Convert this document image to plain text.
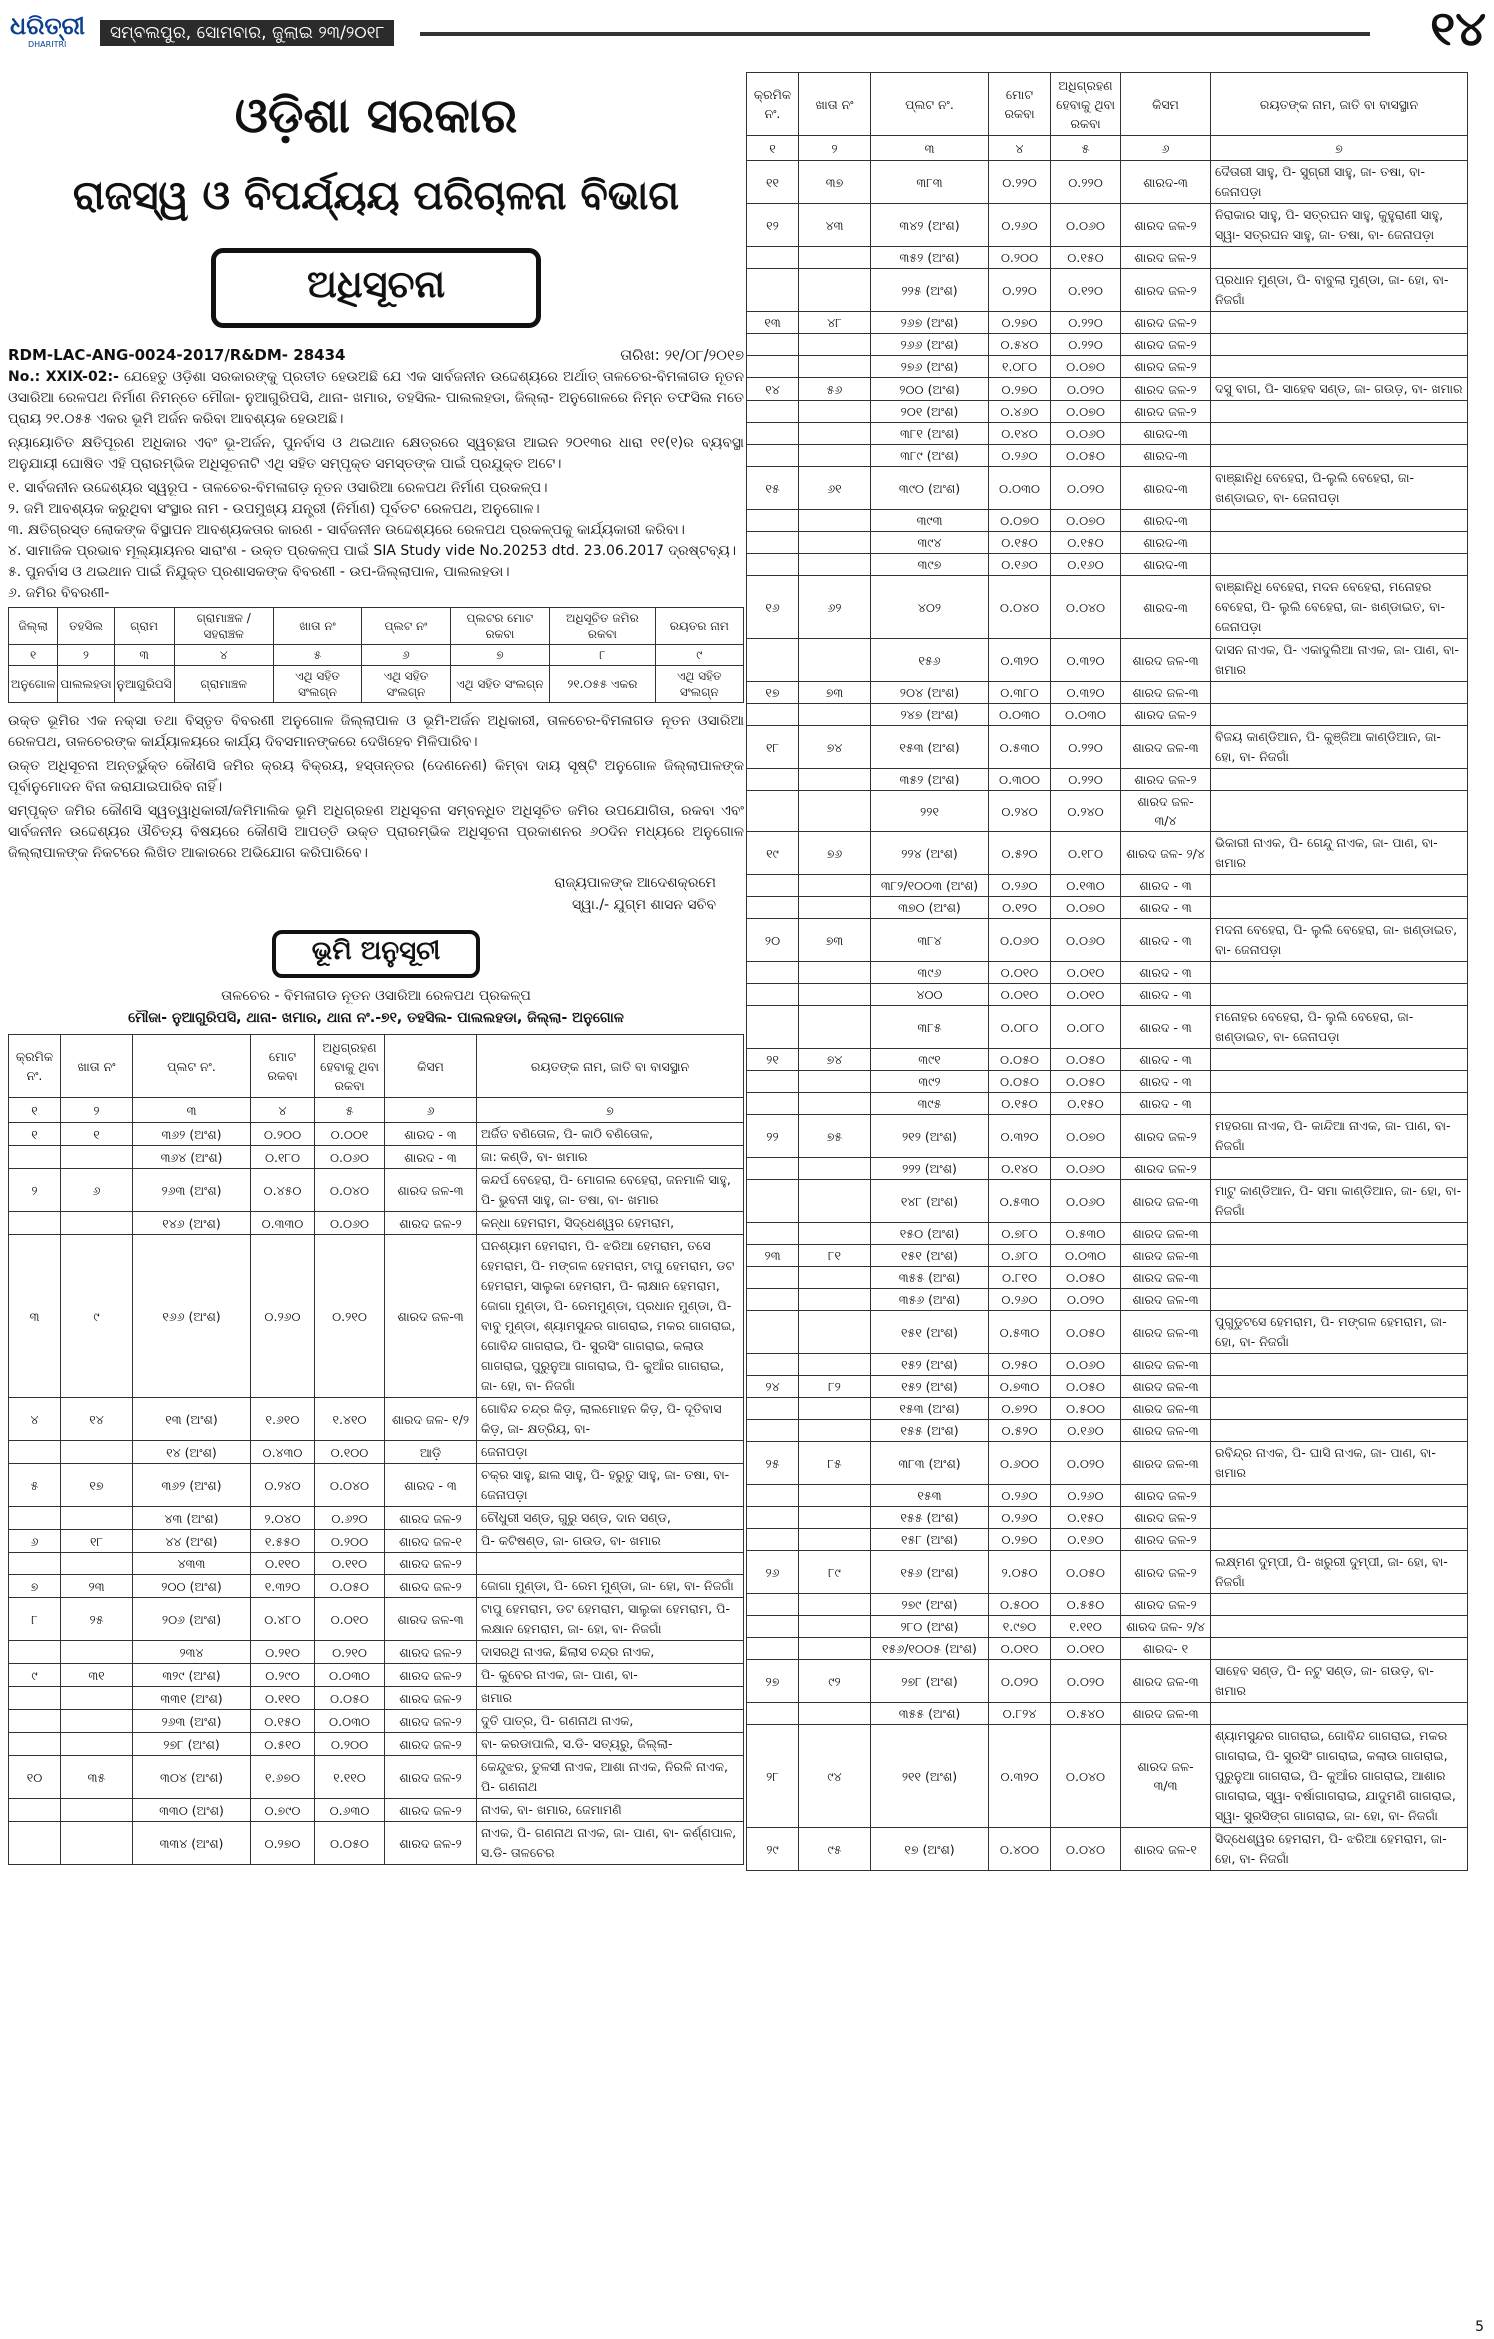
ଧରିତ୍ରୀ
DHARITRI
ସମ୍ବଲପୁର, ସୋମବାର, ଜୁଲାଇ ୨୩/୨୦୧୮	୧୪
ଓଡ଼ିଶା ସରକାର
ରାଜସ୍ୱ ଓ ବିପର୍ଯ୍ୟୟ ପରିଚାଳନା ବିଭାଗ
ଅଧିସୂଚନା
RDM-LAC-ANG-0024-2017/R&DM- 28434	ତାରିଖ: ୨୧/୦୮/୨୦୧୭
No.: XXIX-02:- ଯେହେତୁ ଓଡ଼ିଶା ସରକାରଙ୍କୁ ପ୍ରତୀତ ହେଉଅଛି ଯେ ଏକ ସାର୍ବଜନୀନ ଉଦ୍ଦେଶ୍ୟରେ ଅର୍ଥାତ୍ ତାଳଚେର-ବିମଳାଗଡ ନୂତନ ଓସାରିଆ ରେଳପଥ ନିର୍ମାଣ ନିମନ୍ତେ ମୌଜା- ନୁଆଗୁରିପସି, ଥାନା- ଖମାର, ତହସିଲ- ପାଲଲହଡା, ଜିଲ୍ଲା- ଅନୁଗୋଳରେ ନିମ୍ନ ତଫସିଲ ମତେ ପ୍ରାୟ ୨୧.୦୫୫ ଏକର ଭୂମି ଅର୍ଜନ କରିବା ଆବଶ୍ୟକ ହେଉଅଛି।
ନ୍ୟାୟୋଚିତ କ୍ଷତିପୂରଣ ଅଧିକାର ଏବଂ ଭୂ-ଅର୍ଜନ, ପୁନର୍ବାସ ଓ ଥଇଥାନ କ୍ଷେତ୍ରରେ ସ୍ୱଚ୍ଛତା ଆଇନ ୨୦୧୩ର ଧାରା ୧୧(୧)ର ବ୍ୟବସ୍ଥା ଅନୁଯାୟୀ ଘୋଷିତ ଏହି ପ୍ରାରମ୍ଭିକ ଅଧିସୂଚନାଟି ଏଥି ସହିତ ସମ୍ପୃକ୍ତ ସମସ୍ତଙ୍କ ପାଇଁ ପ୍ରଯୁକ୍ତ ଅଟେ।
୧. ସାର୍ବଜନୀନ ଉଦ୍ଦେଶ୍ୟର ସ୍ୱରୂପ - ତାଳଚେର-ବିମଳାଗଡ଼ ନୂତନ ଓସାରିଆ ରେଳପଥ ନିର୍ମାଣ ପ୍ରକଳ୍ପ।
୨. ଜମି ଆବଶ୍ୟକ କରୁଥିବା ସଂସ୍ଥାର ନାମ - ଉପମୁଖ୍ୟ ଯନ୍ତ୍ରୀ (ନିର୍ମାଣ) ପୂର୍ବତଟ ରେଳପଥ, ଅନୁଗୋଳ।
୩. କ୍ଷତିଗ୍ରସ୍ତ ଲୋକଙ୍କ ବିସ୍ଥାପନ ଆବଶ୍ୟକତାର କାରଣ - ସାର୍ବଜନୀନ ଉଦ୍ଦେଶ୍ୟରେ ରେଳପଥ ପ୍ରକଳ୍ପକୁ କାର୍ଯ୍ୟକାରୀ କରିବା।
୪. ସାମାଜିକ ପ୍ରଭାବ ମୂଲ୍ୟାୟନର ସାରାଂଶ - ଉକ୍ତ ପ୍ରକଳ୍ପ ପାଇଁ SIA Study vide No.20253 dtd. 23.06.2017 ଦ୍ରଷ୍ଟବ୍ୟ।
୫. ପୁନର୍ବାସ ଓ ଥଇଥାନ ପାଇଁ ନିଯୁକ୍ତ ପ୍ରଶାସକଙ୍କ ବିବରଣୀ - ଉପ-ଜିଲ୍ଲାପାଳ, ପାଲଲହଡା।
୬. ଜମିର ବିବରଣୀ-
ଜିଲ୍ଲା	ତହସିଲ	ଗ୍ରାମ	ଗ୍ରାମାଞ୍ଚଳ / ସହରାଞ୍ଚଳ	ଖାତା ନଂ	ପ୍ଲଟ ନଂ	ପ୍ଲଟର ମୋଟ ରକବା	ଅଧିସୂଚିତ ଜମିର ରକବା	ରୟତର ନାମ
୧	୨	୩	୪	୫	୬	୭	୮	୯
ଅନୁଗୋଳ	ପାଲଲହଡା	ନୁଆଗୁରିପସି	ଗ୍ରାମାଞ୍ଚଳ	ଏଥି ସହିତ ସଂଲଗ୍ନ	ଏଥି ସହିତ ସଂଲଗ୍ନ	ଏଥି ସହିତ ସଂଲଗ୍ନ	୨୧.୦୫୫ ଏକର	ଏଥି ସହିତ ସଂଲଗ୍ନ
ଉକ୍ତ ଭୂମିର ଏକ ନକ୍ସା ତଥା ବିସ୍ତୃତ ବିବରଣୀ ଅନୁଗୋଳ ଜିଲ୍ଲାପାଳ ଓ ଭୂମି-ଅର୍ଜନ ଅଧିକାରୀ, ତାଳଚେର-ବିମଳାଗଡ ନୂତନ ଓସାରିଆ ରେଳପଥ, ତାଳଚେରଙ୍କ କାର୍ଯ୍ୟାଳୟରେ କାର୍ଯ୍ୟ ଦିବସମାନଙ୍କରେ ଦେଖିହେବ ମିଳିପାରିବ।
ଉକ୍ତ ଅଧିସୂଚନା ଅନ୍ତର୍ଭୁକ୍ତ କୌଣସି ଜମିର କ୍ରୟ ବିକ୍ରୟ, ହସ୍ତାନ୍ତର (ଦେଣନେଣ) କିମ୍ବା ଦାୟ ସୃଷ୍ଟି ଅନୁଗୋଳ ଜିଲ୍ଲାପାଳଙ୍କ ପୂର୍ବାନୁମୋଦନ ବିନା କରାଯାଇପାରିବ ନାହିଁ।
ସମ୍ପୃକ୍ତ ଜମିର କୌଣସି ସ୍ୱତ୍ୱାଧିକାରୀ/ଜମିମାଲିକ ଭୂମି ଅଧିଗ୍ରହଣ ଅଧିସୂଚନା ସମ୍ବନ୍ଧିତ ଅଧିସୂଚିତ ଜମିର ଉପଯୋଗିତା, ରକବା ଏବଂ ସାର୍ବଜନୀନ ଉଦ୍ଦେଶ୍ୟର ଔଚିତ୍ୟ ବିଷୟରେ କୌଣସି ଆପତ୍ତି ଉକ୍ତ ପ୍ରାରମ୍ଭିକ ଅଧିସୂଚନା ପ୍ରକାଶନର ୬୦ଦିନ ମଧ୍ୟରେ ଅନୁଗୋଳ ଜିଲ୍ଲାପାଳଙ୍କ ନିକଟରେ ଲିଖିତ ଆକାରରେ ଅଭିଯୋଗ କରିପାରିବେ।
ରାଜ୍ୟପାଳଙ୍କ ଆଦେଶକ୍ରମେ
ସ୍ୱା./- ଯୁଗ୍ମ ଶାସନ ସଚିବ
ଭୂମି ଅନୁସୂଚୀ
ତାଳଚେର - ବିମଳାଗଡ ନୂତନ ଓସାରିଆ ରେଳପଥ ପ୍ରକଳ୍ପ
ମୌଜା- ନୁଆଗୁରିପସି, ଥାନା- ଖମାର, ଥାନା ନଂ.-୭୧, ତହସିଲ- ପାଲଲହଡା, ଜିଲ୍ଲା- ଅନୁଗୋଳ
କ୍ରମିକ ନଂ.	ଖାତା ନଂ	ପ୍ଲଟ ନଂ.	ମୋଟ ରକବା	ଅଧିଗ୍ରହଣ ହେବାକୁ ଥିବା ରକବା	କିସମ	ରୟତଙ୍କ ନାମ, ଜାତି ବା ବାସସ୍ଥାନ
୧	୨	୩	୪	୫	୬	୭
୧	୧	୩୬୨ (ଅଂଶ)	୦.୨୦୦	୦.୦୦୧	ଶାରଦ - ୩	ଅର୍ଜିତ ବଣିତୋଳ, ପି- କାଠି ବଣିତୋଳ,
		୩୬୪ (ଅଂଶ)	୦.୧୮୦	୦.୦୬୦	ଶାରଦ - ୩	ଜା: କଣ୍ଡି, ବା- ଖମାର
୨	୬	୨୬୩ (ଅଂଶ)	୦.୪୫୦	୦.୦୪୦	ଶାରଦ ଜଳ-୩	କନ୍ଦର୍ପ ବେହେରା, ପି- ମୋଗଲ ବେହେରା, ଜନମାଳି ସାହୁ, ପି- ଭୁବନୀ ସାହୁ, ଜା- ତଷା, ବା- ଖମାର
		୧୪୬ (ଅଂଶ)	୦.୩୩୦	୦.୦୬୦	ଶାରଦ ଜଳ-୨	କନ୍ଧା ହେମରାମ, ସିଦ୍ଧେଶ୍ୱର ହେମରାମ,
୩	୯	୧୬୬ (ଅଂଶ)	୦.୨୬୦	୦.୨୧୦	ଶାରଦ ଜଳ-୩	ଘନଶ୍ୟାମ ହେମରାମ, ପି- ଝରିଆ ହେମରାମ, ତସେ ହେମରାମ, ପି- ମଙ୍ଗଳ ହେମରାମ, ଟାପୁ ହେମରାମ, ଡଟ ହେମରାମ, ସାଲୁକା ହେମରାମ, ପି- ଲାକ୍ଷାନ ହେମରାମ, ଜୋଗା ମୁଣ୍ଡା, ପି- ରେମମୁଣ୍ଡା, ପ୍ରଧାନ ମୁଣ୍ଡା, ପି- ବାବୁ ମୁଣ୍ଡା, ଶ୍ୟାମସୁନ୍ଦର ଗାଗରାଇ, ମକର ଗାଗରାଇ, ଗୋବିନ୍ଦ ଗାଗରାଇ, ପି- ସୁରସିଂ ଗାଗରାଇ, କଲାଉ ଗାଗରାଇ, ପୁରୁନୁଆ ଗାଗରାଇ, ପି- କୁଆଁର ଗାଗରାଇ, ଜା- ହୋ, ବା- ନିଜଗାଁ
୪	୧୪	୧୩ (ଅଂଶ)	୧.୬୧୦	୧.୪୧୦	ଶାରଦ ଜଳ- ୧/୨	ଗୋବିନ୍ଦ ଚନ୍ଦ୍ର କିଡ଼, ଲାଲମୋହନ କିଡ଼, ପି- ଦୂତିବାସ କିଡ଼, ଜା- କ୍ଷତ୍ରିୟ, ବା-
		୧୪ (ଅଂଶ)	୦.୪୩୦	୦.୧୦୦	ଆଡ଼ି	ଜେନାପଡ଼ା
୫	୧୭	୩୬୨ (ଅଂଶ)	୦.୨୪୦	୦.୦୪୦	ଶାରଦ - ୩	ଚକ୍ର ସାହୁ, ଛାଲ ସାହୁ, ପି- ହରୁତୁ ସାହୁ, ଜା- ତଷା, ବା- ଜେନାପଡ଼ା
		୪୩ (ଅଂଶ)	୨.୦୪୦	୦.୬୨୦	ଶାରଦ ଜଳ-୨	ଚୌଧୁରୀ ସଣ୍ଡ, ଗୁରୁ ସଣ୍ଡ, ଦାନ ସଣ୍ଡ,
୬	୧୮	୪୪ (ଅଂଶ)	୧.୫୫୦	୦.୨୦୦	ଶାରଦ ଜଳ-୧	ପି- କଟିଷଣ୍ଡ, ଜା- ଗଉଡ, ବା- ଖମାର
		୪୩୩	୦.୧୧୦	୦.୧୧୦	ଶାରଦ ଜଳ-୨	
୭	୨୩	୨୦୦ (ଅଂଶ)	୧.୩୨୦	୦.୦୫୦	ଶାରଦ ଜଳ-୨	ଜୋଗା ମୁଣ୍ଡା, ପି- ରେମ ମୁଣ୍ଡା, ଜା- ହୋ, ବା- ନିଜଗାଁ
୮	୨୫	୨୦୬ (ଅଂଶ)	୦.୪୮୦	୦.୦୧୦	ଶାରଦ ଜଳ-୩	ଟାପୁ ହେମରାମ, ଡଟ ହେମରାମ, ସାଲୁକା ହେମରାମ, ପି- ଲକ୍ଷାନ ହେମରାମ, ଜା- ହୋ, ବା- ନିଜଗାଁ
		୨୩୪	୦.୨୧୦	୦.୨୧୦	ଶାରଦ ଜଳ-୨	ଦାସରଥି ନାଏକ, ଛିଲାସ ଚନ୍ଦ୍ର ନାଏକ,
୯	୩୧	୩୨୯ (ଅଂଶ)	୦.୨୯୦	୦.୦୩୦	ଶାରଦ ଜଳ-୨	ପି- କୁବେର ନାଏକ, ଜା- ପାଣ, ବା-
		୩୩୧ (ଅଂଶ)	୦.୧୧୦	୦.୦୫୦	ଶାରଦ ଜଳ-୨	ଖମାର
		୨୬୩ (ଅଂଶ)	୦.୧୫୦	୦.୦୩୦	ଶାରଦ ଜଳ-୨	ଦୁତି ପାତ୍ର, ପି- ଗଣନାଥ ନାଏକ,
		୨୭୮ (ଅଂଶ)	୦.୫୧୦	୦.୨୦୦	ଶାରଦ ଜଳ-୨	ବା- କରଡାପାଲି, ସ.ଡି- ସତ୍ୟରୁ, ଜିଲ୍ଲା-
୧୦	୩୫	୩୦୪ (ଅଂଶ)	୧.୬୭୦	୧.୧୧୦	ଶାରଦ ଜଳ-୨	କେନ୍ଦୁଝର, ତୁଳସୀ ନାଏକ, ଆଶା ନାଏକ, ନିରଳି ନାଏକ, ପି- ଗଣନାଥ
		୩୩୦ (ଅଂଶ)	୦.୭୯୦	୦.୬୩୦	ଶାରଦ ଜଳ-୨	ନାଏକ, ବା- ଖମାର, ଜେମାମଣି
		୩୩୪ (ଅଂଶ)	୦.୨୭୦	୦.୦୫୦	ଶାରଦ ଜଳ-୨	ନାଏକ, ପି- ଗଣନାଥ ନାଏକ, ଜା- ପାଣ, ବା- କର୍ଣ୍ଣପାଳ, ସ.ଡି- ତାଳଚେର
କ୍ରମିକ ନଂ.	ଖାତା ନଂ	ପ୍ଲଟ ନଂ.	ମୋଟ ରକବା	ଅଧିଗ୍ରହଣ ହେବାକୁ ଥିବା ରକବା	କିସମ	ରୟତଙ୍କ ନାମ, ଜାତି ବା ବାସସ୍ଥାନ
୧	୨	୩	୪	୫	୬	୭
୧୧	୩୭	୩୮୩	୦.୨୨୦	୦.୨୨୦	ଶାରଦ-୩	ଦୈତାରୀ ସାହୁ, ପି- ସୁଗ୍ରୀ ସାହୁ, ଜା- ତଷା, ବା- ଜେନାପଡ଼ା
୧୨	୪୩	୩୪୨ (ଅଂଶ)	୦.୨୬୦	୦.୦୬୦	ଶାରଦ ଜଳ-୨	ନିରାକାର ସାହୁ, ପି- ସତ୍ରଘନ ସାହୁ, କୁହୁରାଣୀ ସାହୁ, ସ୍ୱା- ସତ୍ରଘନ ସାହୁ, ଜା- ତଷା, ବା- ଜେନାପଡ଼ା
		୩୫୨ (ଅଂଶ)	୦.୨୦୦	୦.୧୫୦	ଶାରଦ ଜଳ-୨	
		୨୨୫ (ଅଂଶ)	୦.୨୨୦	୦.୧୨୦	ଶାରଦ ଜଳ-୨	ପ୍ରଧାନ ମୁଣ୍ଡା, ପି- ବାବୁଲା ମୁଣ୍ଡା, ଜା- ହୋ, ବା- ନିଜଗାଁ
୧୩	୪୮	୨୬୭ (ଅଂଶ)	୦.୨୭୦	୦.୨୨୦	ଶାରଦ ଜଳ-୨	
		୨୬୬ (ଅଂଶ)	୦.୫୪୦	୦.୨୨୦	ଶାରଦ ଜଳ-୨	
		୨୭୬ (ଅଂଶ)	୧.୦୮୦	୦.୦୭୦	ଶାରଦ ଜଳ-୨	
୧୪	୫୬	୨୦୦ (ଅଂଶ)	୦.୨୭୦	୦.୦୨୦	ଶାରଦ ଜଳ-୨	ଦସୁ ବାଗ, ପି- ସାହେବ ସଣ୍ଡ, ଜା- ଗଉଡ଼, ବା- ଖମାର
		୨୦୧ (ଅଂଶ)	୦.୪୬୦	୦.୦୭୦	ଶାରଦ ଜଳ-୨	
		୩୮୧ (ଅଂଶ)	୦.୧୪୦	୦.୦୬୦	ଶାରଦ-୩	
		୩୮୯ (ଅଂଶ)	୦.୨୬୦	୦.୦୫୦	ଶାରଦ-୩	
୧୫	୬୧	୩୯୦ (ଅଂଶ)	୦.୦୩୦	୦.୦୨୦	ଶାରଦ-୩	ବାଞ୍ଛାନିଧି ବେହେରା, ପି-ଲୁଲି ବେହେରା, ଜା- ଖଣ୍ଡାଇତ, ବା- ଜେନାପଡ଼ା
		୩୯୩	୦.୦୭୦	୦.୦୭୦	ଶାରଦ-୩	
		୩୯୪	୦.୧୫୦	୦.୧୫୦	ଶାରଦ-୩	
		୩୯୭	୦.୧୬୦	୦.୧୬୦	ଶାରଦ-୩	
୧୬	୬୨	୪୦୨	୦.୦୪୦	୦.୦୪୦	ଶାରଦ-୩	ବାଞ୍ଛାନିଧି ବେହେରା, ମଦନ ବେହେରା, ମନୋହର ବେହେରା, ପି- ଲୁଲି ବେହେରା, ଜା- ଖଣ୍ଡାଇତ, ବା- ଜେନାପଡ଼ା
		୧୫୬	୦.୩୨୦	୦.୩୨୦	ଶାରଦ ଜଳ-୩	ଦାସନ ନାଏକ, ପି- ଏକାଦୁଲିଆ ନାଏକ, ଜା- ପାଣ, ବା- ଖମାର
୧୭	୭୩	୨୦୪ (ଅଂଶ)	୦.୩୮୦	୦.୩୨୦	ଶାରଦ ଜଳ-୩	
		୨୪୭ (ଅଂଶ)	୦.୦୩୦	୦.୦୩୦	ଶାରଦ ଜଳ-୨	
୧୮	୭୪	୧୫୩ (ଅଂଶ)	୦.୫୩୦	୦.୨୨୦	ଶାରଦ ଜଳ-୩	ବିଜୟ କାଣ୍ଡିଆନ, ପି- କୁଞ୍ଜିଆ କାଣ୍ଡିଆନ, ଜା- ହୋ, ବା- ନିଜଗାଁ
		୩୫୨ (ଅଂଶ)	୦.୩୦୦	୦.୨୨୦	ଶାରଦ ଜଳ-୨	
		୨୨୧	୦.୨୪୦	୦.୨୪୦	ଶାରଦ ଜଳ- ୩/୪	
୧୯	୭୬	୨୨୪ (ଅଂଶ)	୦.୫୨୦	୦.୧୮୦	ଶାରଦ ଜଳ- ୨/୪	ଭିକାରୀ ନାଏକ, ପି- ଗେନ୍ଦୁ ନାଏକ, ଜା- ପାଣ, ବା- ଖମାର
		୩୮୨/୧୦୦୩ (ଅଂଶ)	୦.୨୬୦	୦.୧୩୦	ଶାରଦ - ୩	
		୩୭୦ (ଅଂଶ)	୦.୧୨୦	୦.୦୭୦	ଶାରଦ - ୩	
୨୦	୭୩	୩୮୪	୦.୦୬୦	୦.୦୬୦	ଶାରଦ - ୩	ମଦନା ବେହେରା, ପି- ଲୁଲି ବେହେରା, ଜା- ଖଣ୍ଡାଇତ, ବା- ଜେନାପଡ଼ା
		୩୯୬	୦.୦୧୦	୦.୦୧୦	ଶାରଦ - ୩	
		୪୦୦	୦.୦୧୦	୦.୦୧୦	ଶାରଦ - ୩	
		୩୮୫	୦.୦୮୦	୦.୦୮୦	ଶାରଦ - ୩	ମନୋହର ବେହେରା, ପି- ଲୁଲି ବେହେରା, ଜା- ଖଣ୍ଡାଇତ, ବା- ଜେନାପଡ଼ା
୨୧	୭୪	୩୯୧	୦.୦୫୦	୦.୦୫୦	ଶାରଦ - ୩	
		୩୯୨	୦.୦୫୦	୦.୦୫୦	ଶାରଦ - ୩	
		୩୯୫	୦.୧୫୦	୦.୧୫୦	ଶାରଦ - ୩	
୨୨	୭୫	୨୧୨ (ଅଂଶ)	୦.୩୨୦	୦.୦୭୦	ଶାରଦ ଜଳ-୨	ମହରଗା ନାଏକ, ପି- କାନ୍ଦିଆ ନାଏକ, ଜା- ପାଣ, ବା- ନିଜଗାଁ
		୨୨୨ (ଅଂଶ)	୦.୧୪୦	୦.୦୬୦	ଶାରଦ ଜଳ-୨	
		୧୪୮ (ଅଂଶ)	୦.୫୩୦	୦.୦୬୦	ଶାରଦ ଜଳ-୩	ମାଟୁ କାଣ୍ଡିଆନ, ପି- ସମା କାଣ୍ଡିଆନ, ଜା- ହୋ, ବା- ନିଜଗାଁ
		୧୫୦ (ଅଂଶ)	୦.୭୮୦	୦.୫୩୦	ଶାରଦ ଜଳ-୩	
୨୩	୮୧	୧୫୧ (ଅଂଶ)	୦.୬୮୦	୦.୦୩୦	ଶାରଦ ଜଳ-୩	
		୩୫୫ (ଅଂଶ)	୦.୮୧୦	୦.୦୫୦	ଶାରଦ ଜଳ-୩	
		୩୫୬ (ଅଂଶ)	୦.୨୬୦	୦.୦୨୦	ଶାରଦ ଜଳ-୩	
		୧୫୧ (ଅଂଶ)	୦.୫୩୦	୦.୦୫୦	ଶାରଦ ଜଳ-୩	ପୁଗୁଡୁଟସେ ହେମରାମ, ପି- ମଙ୍ଗଳ ହେମରାମ, ଜା- ହୋ, ବା- ନିଜଗାଁ
		୧୫୨ (ଅଂଶ)	୦.୨୫୦	୦.୦୬୦	ଶାରଦ ଜଳ-୩	
୨୪	୮୨	୧୫୨ (ଅଂଶ)	୦.୭୩୦	୦.୦୫୦	ଶାରଦ ଜଳ-୩	
		୧୫୩ (ଅଂଶ)	୦.୭୨୦	୦.୫୦୦	ଶାରଦ ଜଳ-୩	
		୧୫୫ (ଅଂଶ)	୦.୫୨୦	୦.୧୬୦	ଶାରଦ ଜଳ-୩	
୨୫	୮୫	୩୮୩ (ଅଂଶ)	୦.୬୦୦	୦.୦୨୦	ଶାରଦ ଜଳ-୩	ରବିନ୍ଦ୍ର ନାଏକ, ପି- ଘାସି ନାଏକ, ଜା- ପାଣ, ବା- ଖମାର
		୧୫୩	୦.୨୬୦	୦.୨୬୦	ଶାରଦ ଜଳ-୨	
		୧୫୫ (ଅଂଶ)	୦.୨୬୦	୦.୧୫୦	ଶାରଦ ଜଳ-୨	
		୧୫୮ (ଅଂଶ)	୦.୨୭୦	୦.୧୬୦	ଶାରଦ ଜଳ-୨	
୨୬	୮୯	୧୫୬ (ଅଂଶ)	୨.୦୫୦	୦.୦୫୦	ଶାରଦ ଜଳ-୨	ଲକ୍ଷ୍ମଣ ଦୁମ୍ପୀ, ପି- ଖରୁରୀ ଦୁମ୍ପୀ, ଜା- ହୋ, ବା- ନିଜଗାଁ
		୨୭୯ (ଅଂଶ)	୦.୫୦୦	୦.୫୫୦	ଶାରଦ ଜଳ-୨	
		୨୮୦ (ଅଂଶ)	୧.୯୭୦	୧.୧୧୦	ଶାରଦ ଜଳ- ୨/୪	
		୧୫୬/୧୦୦୫ (ଅଂଶ)	୦.୦୧୦	୦.୦୧୦	ଶାରଦ- ୧	
୨୭	୯୨	୨୭୮ (ଅଂଶ)	୦.୦୨୦	୦.୦୨୦	ଶାରଦ ଜଳ-୩	ସାହେବ ସଣ୍ଡ, ପି- ନଟୁ ସଣ୍ଡ, ଜା- ଗଉଡ଼, ବା- ଖମାର
		୩୫୫ (ଅଂଶ)	୦.୮୨୪	୦.୫୪୦	ଶାରଦ ଜଳ-୩	
୨୮	୯୪	୨୧୧ (ଅଂଶ)	୦.୩୨୦	୦.୦୪୦	ଶାରଦ ଜଳ- ୩/୩	ଶ୍ୟାମସୁନ୍ଦର ଗାଗରାଇ, ଗୋବିନ୍ଦ ଗାଗରାଇ, ମକର ଗାଗରାଇ, ପି- ସୁରସିଂ ଗାଗରାଇ, କଲାଉ ଗାଗରାଇ, ପୁରୁନୁଆ ଗାଗରାଇ, ପି- କୁଆଁର ଗାଗରାଇ, ଆଶାର ଗାଗରାଇ, ସ୍ୱା- ବର୍ଷାଗାଗରାଇ, ଯାଦୁମଣି ଗାଗରାଇ, ସ୍ୱା- ସୁରସିଙ୍ଗ ଗାଗରାଇ, ଜା- ହୋ, ବା- ନିଜଗାଁ
୨୯	୯୫	୧୭ (ଅଂଶ)	୦.୪୦୦	୦.୦୪୦	ଶାରଦ ଜଳ-୧	ସିଦ୍ଧେଶ୍ୱର ହେମରାମ, ପି- ଝରିଆ ହେମରାମ, ଜା- ହୋ, ବା- ନିଜଗାଁ
5
